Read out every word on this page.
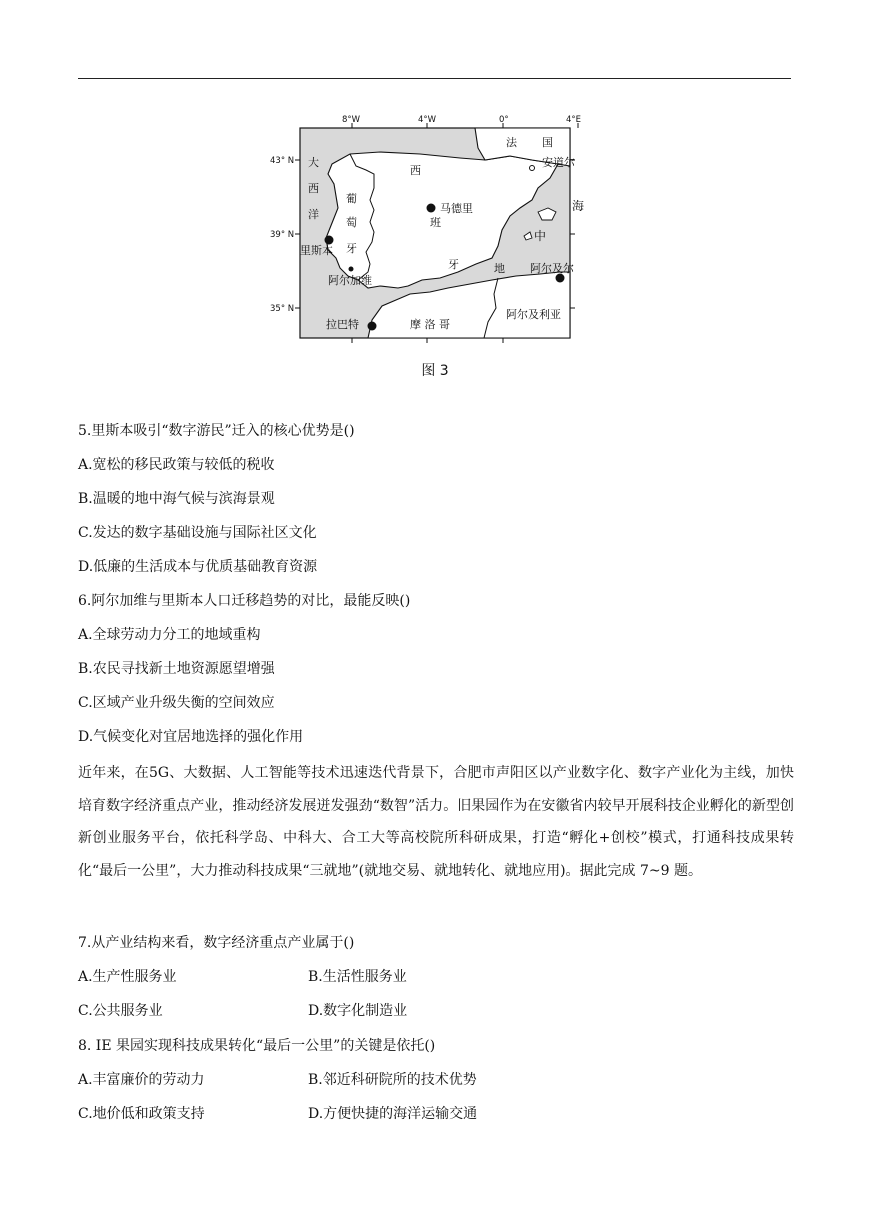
8°W	4°W	0°	4°E
43° N
39° N
35° N
大
西
洋
葡
萄
牙
西
班
牙
法 国
海
中
地
摩 洛 哥
阿尔及利亚
里斯本
马德里
阿尔加维
安道尔
阿尔及尔
拉巴特
图 3
5.里斯本吸引“数字游民”迁入的核心优势是()
A.宽松的移民政策与较低的税收
B.温暖的地中海气候与滨海景观
C.发达的数字基础设施与国际社区文化
D.低廉的生活成本与优质基础教育资源
6.阿尔加维与里斯本人口迁移趋势的对比，最能反映()
A.全球劳动力分工的地域重构
B.农民寻找新土地资源愿望增强
C.区域产业升级失衡的空间效应
D.气候变化对宜居地选择的强化作用
近年来，在5G、大数据、人工智能等技术迅速迭代背景下，合肥市声阳区以产业数字化、数字产业化为主线，加快培育数字经济重点产业，推动经济发展迸发强劲“数智”活力。旧果园作为在安徽省内较早开展科技企业孵化的新型创新创业服务平台，依托科学岛、中科大、合工大等高校院所科研成果，打造“孵化+创校”模式，打通科技成果转化“最后一公里”，大力推动科技成果“三就地”(就地交易、就地转化、就地应用)。据此完成 7~9 题。
7.从产业结构来看，数字经济重点产业属于()
A.生产性服务业	B.生活性服务业
C.公共服务业	D.数字化制造业
8. IE 果园实现科技成果转化“最后一公里”的关键是依托()
A.丰富廉价的劳动力	B.邻近科研院所的技术优势
C.地价低和政策支持	D.方便快捷的海洋运输交通
